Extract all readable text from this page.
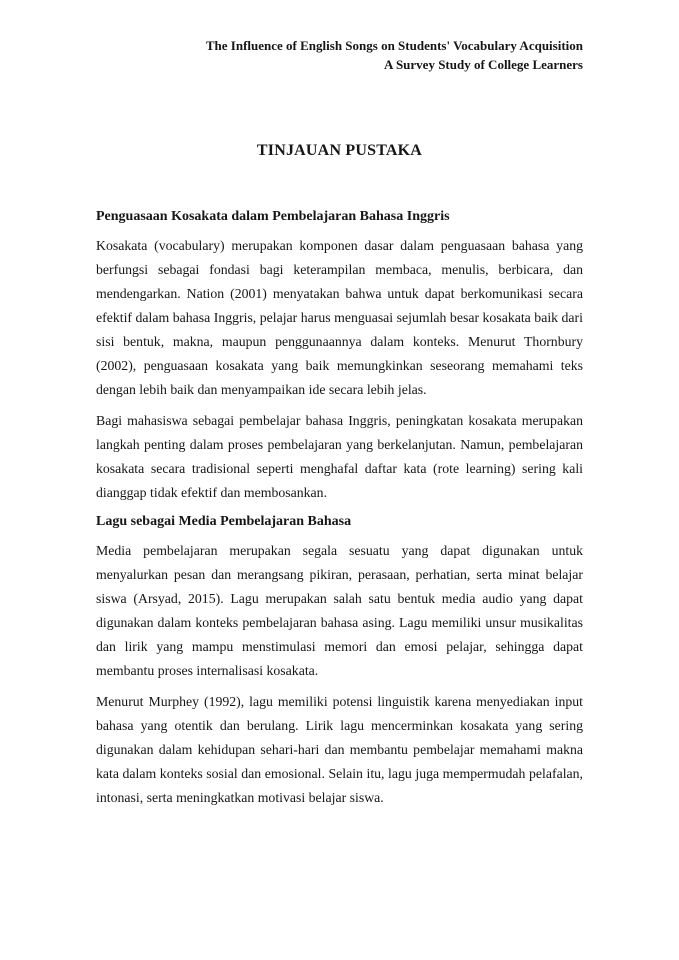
The Influence of English Songs on Students' Vocabulary Acquisition
A Survey Study of College Learners
TINJAUAN PUSTAKA
Penguasaan Kosakata dalam Pembelajaran Bahasa Inggris

Kosakata (vocabulary) merupakan komponen dasar dalam penguasaan bahasa yang berfungsi sebagai fondasi bagi keterampilan membaca, menulis, berbicara, dan mendengarkan. Nation (2001) menyatakan bahwa untuk dapat berkomunikasi secara efektif dalam bahasa Inggris, pelajar harus menguasai sejumlah besar kosakata baik dari sisi bentuk, makna, maupun penggunaannya dalam konteks. Menurut Thornbury (2002), penguasaan kosakata yang baik memungkinkan seseorang memahami teks dengan lebih baik dan menyampaikan ide secara lebih jelas.

Bagi mahasiswa sebagai pembelajar bahasa Inggris, peningkatan kosakata merupakan langkah penting dalam proses pembelajaran yang berkelanjutan. Namun, pembelajaran kosakata secara tradisional seperti menghafal daftar kata (rote learning) sering kali dianggap tidak efektif dan membosankan.

Lagu sebagai Media Pembelajaran Bahasa

Media pembelajaran merupakan segala sesuatu yang dapat digunakan untuk menyalurkan pesan dan merangsang pikiran, perasaan, perhatian, serta minat belajar siswa (Arsyad, 2015). Lagu merupakan salah satu bentuk media audio yang dapat digunakan dalam konteks pembelajaran bahasa asing. Lagu memiliki unsur musikalitas dan lirik yang mampu menstimulasi memori dan emosi pelajar, sehingga dapat membantu proses internalisasi kosakata.

Menurut Murphey (1992), lagu memiliki potensi linguistik karena menyediakan input bahasa yang otentik dan berulang. Lirik lagu mencerminkan kosakata yang sering digunakan dalam kehidupan sehari-hari dan membantu pembelajar memahami makna kata dalam konteks sosial dan emosional. Selain itu, lagu juga mempermudah pelafalan, intonasi, serta meningkatkan motivasi belajar siswa.
